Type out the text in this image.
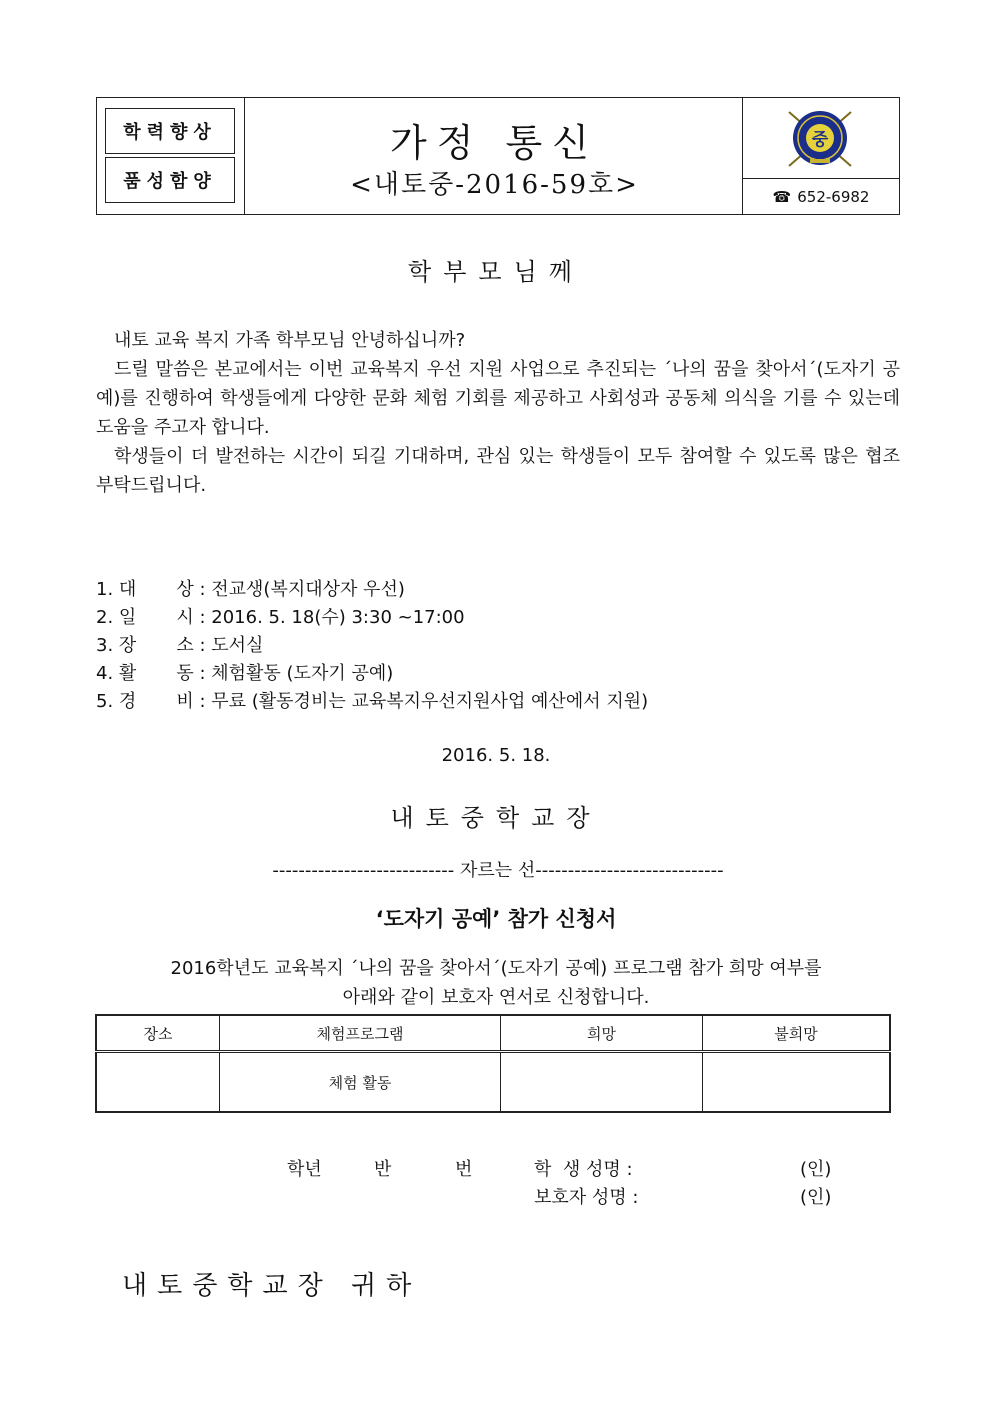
학력향상
품성함양
가정 통신
<내토중-2016-59호>
중
☎ 652-6982
학부모님께
내토 교육 복지 가족 학부모님 안녕하십니까?
드릴 말씀은 본교에서는 이번 교육복지 우선 지원 사업으로 추진되는 ´나의 꿈을 찾아서´(도자기 공예)를 진행하여 학생들에게 다양한 문화 체험 기회를 제공하고 사회성과 공동체 의식을 기를 수 있는데 도움을 주고자 합니다.
학생들이 더 발전하는 시간이 되길 기대하며, 관심 있는 학생들이 모두 참여할 수 있도록 많은 협조 부탁드립니다.
1. 대       상 : 전교생(복지대상자 우선)
2. 일       시 : 2016. 5. 18(수) 3:30 ~17:00
3. 장       소 : 도서실
4. 활       동 : 체험활동 (도자기 공예)
5. 경       비 : 무료 (활동경비는 교육복지우선지원사업 예산에서 지원)
2016. 5. 18.
내토중학교장
---------------------------- 자르는 선-----------------------------
‘도자기 공예’ 참가 신청서
2016학년도 교육복지 ´나의 꿈을 찾아서´(도자기 공예) 프로그램 참가 희망 여부를
아래와 같이 보호자 연서로 신청합니다.
장소	체험프로그램	희망	불희망
	체험 활동		
학년	반	번	학  생 성명 :	(인)
보호자 성명 :	(인)
내토중학교장 귀하
